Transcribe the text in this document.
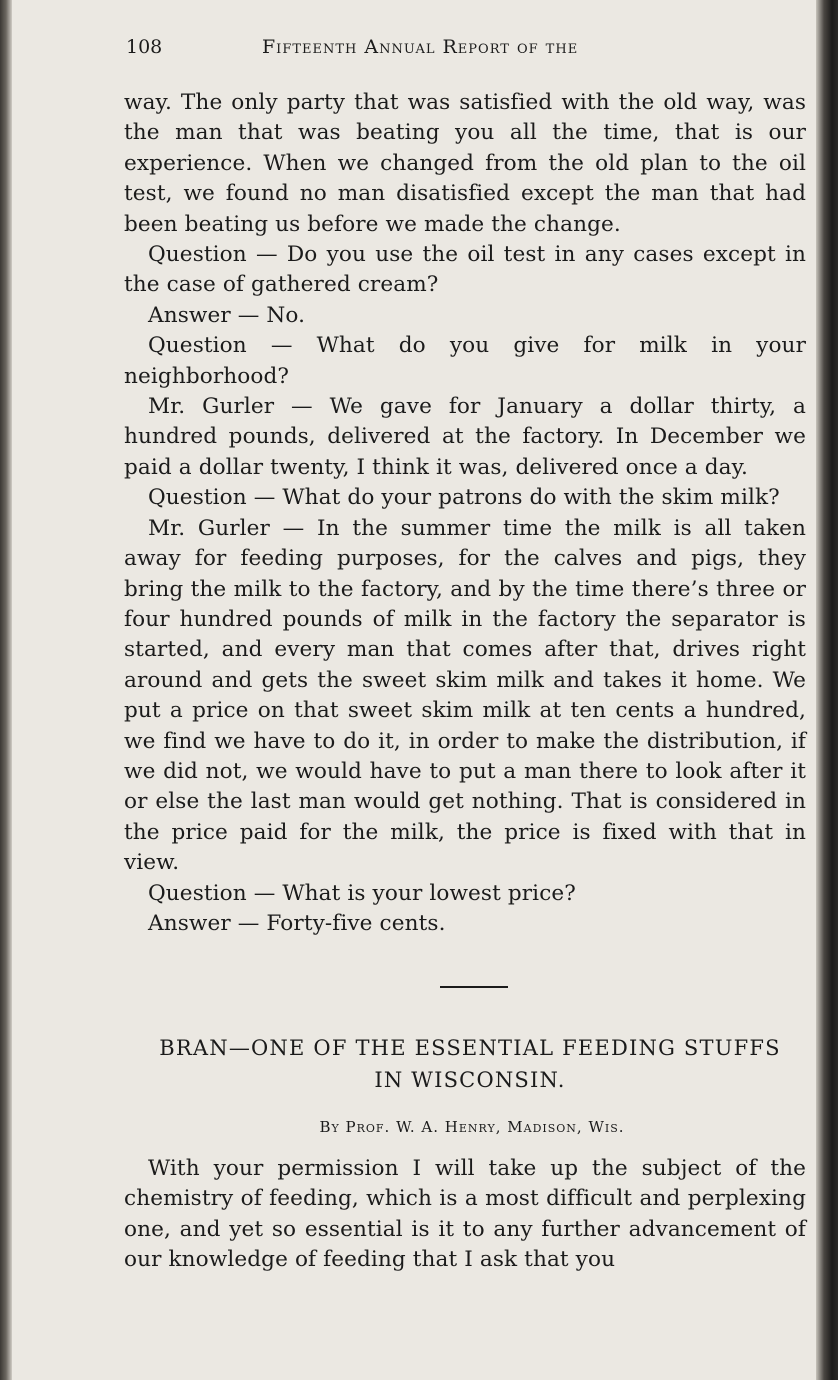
108	Fifteenth Annual Report of the

way. The only party that was satisfied with the old way, was the man that was beating you all the time, that is our experience. When we changed from the old plan to the oil test, we found no man disatisfied except the man that had been beating us before we made the change.

Question — Do you use the oil test in any cases except in the case of gathered cream?

Answer — No.

Question — What do you give for milk in your neighborhood?

Mr. Gurler — We gave for January a dollar thirty, a hundred pounds, delivered at the factory. In December we paid a dollar twenty, I think it was, delivered once a day.

Question — What do your patrons do with the skim milk?

Mr. Gurler — In the summer time the milk is all taken away for feeding purposes, for the calves and pigs, they bring the milk to the factory, and by the time there’s three or four hundred pounds of milk in the factory the separator is started, and every man that comes after that, drives right around and gets the sweet skim milk and takes it home. We put a price on that sweet skim milk at ten cents a hundred, we find we have to do it, in order to make the distribution, if we did not, we would have to put a man there to look after it or else the last man would get nothing. That is considered in the price paid for the milk, the price is fixed with that in view.

Question — What is your lowest price?

Answer — Forty-five cents.

BRAN—ONE OF THE ESSENTIAL FEEDING STUFFS
IN WISCONSIN.
By Prof. W. A. Henry, Madison, Wis.

With your permission I will take up the subject of the chemistry of feeding, which is a most difficult and perplexing one, and yet so essential is it to any further advancement of our knowledge of feeding that I ask that you
